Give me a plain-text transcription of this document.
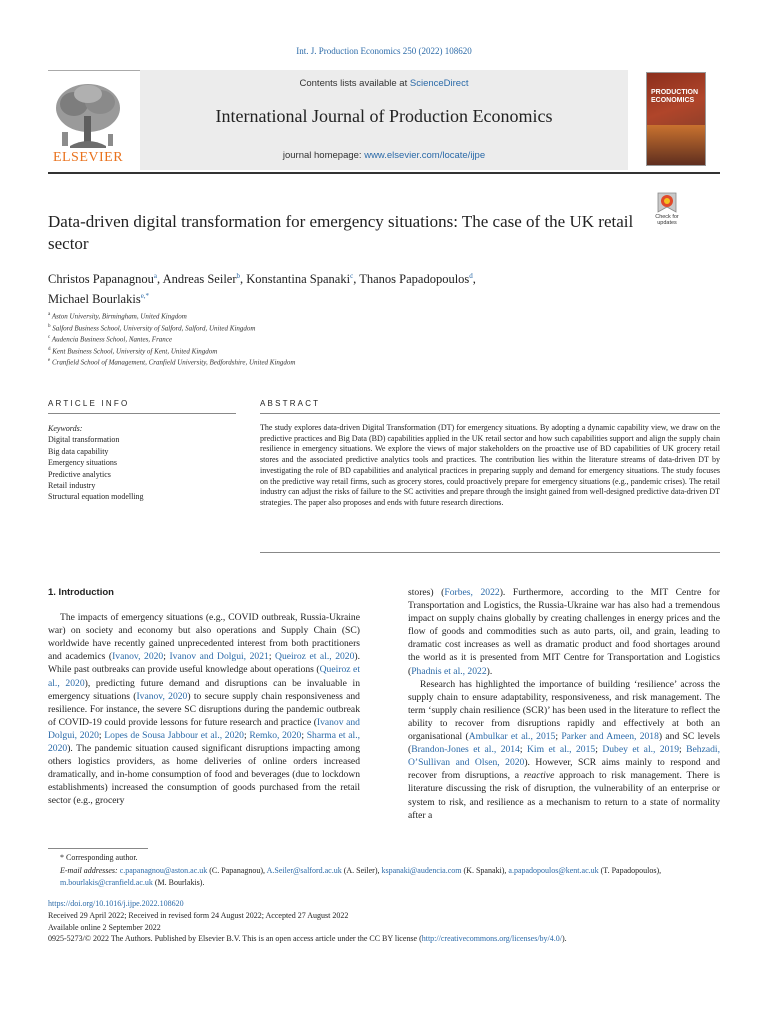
Int. J. Production Economics 250 (2022) 108620
ELSEVIER
Contents lists available at ScienceDirect
International Journal of Production Economics
journal homepage: www.elsevier.com/locate/ijpe
PRODUCTION ECONOMICS
Data-driven digital transformation for emergency situations: The case of the UK retail sector
Check for updates
Christos Papanagnou$^a$, Andreas Seiler$^b$, Konstantina Spanaki$^c$, Thanos Papadopoulos$^d$,
Michael Bourlakis$^{e,*}$
$^a$ Aston University, Birmingham, United Kingdom
$^b$ Salford Business School, University of Salford, Salford, United Kingdom
$^c$ Audencia Business School, Nantes, France
$^d$ Kent Business School, University of Kent, United Kingdom
$^e$ Cranfield School of Management, Cranfield University, Bedfordshire, United Kingdom
ARTICLE INFO	ABSTRACT
Keywords:
Digital transformation
Big data capability
Emergency situations
Predictive analytics
Retail industry
Structural equation modelling
The study explores data-driven Digital Transformation (DT) for emergency situations. By adopting a dynamic capability view, we draw on the predictive practices and Big Data (BD) capabilities applied in the UK retail sector and how such capabilities support and align the supply chain resilience in emergency situations. We explore the views of major stakeholders on the proactive use of BD capabilities of UK grocery retail stores and the associated predictive analytics tools and practices. The contribution lies within the literature streams of data-driven DT by investigating the role of BD capabilities and analytical practices in preparing supply and demand for emergency situations. The study focuses on the predictive way retail firms, such as grocery stores, could proactively prepare for emergency situations (e.g., pandemic crises). The retail industry can adjust the risks of failure to the SC activities and prepare through the insight gained from well-designed predictive data-driven DT strategies. The paper also proposes and ends with future research directions.
1. Introduction

The impacts of emergency situations (e.g., COVID outbreak, Russia-Ukraine war) on society and economy but also operations and Supply Chain (SC) worldwide have recently gained unprecedented interest from both practitioners and academics (Ivanov, 2020; Ivanov and Dolgui, 2021; Queiroz et al., 2020). While past outbreaks can provide useful knowledge about operations (Queiroz et al., 2020), predicting future demand and disruptions can be invaluable in emergency situations (Ivanov, 2020) to secure supply chain responsiveness and resilience. For instance, the severe SC disruptions during the pandemic outbreak of COVID-19 could provide lessons for future research and practice (Ivanov and Dolgui, 2020; Lopes de Sousa Jabbour et al., 2020; Remko, 2020; Sharma et al., 2020). The pandemic situation caused significant disruptions impacting among others logistics providers, as home deliveries of online orders increased dramatically, and in-home consumption of food and beverages (due to lockdown establishments) increased the consumption of goods purchased from the retail sector (e.g., grocery

stores) (Forbes, 2022). Furthermore, according to the MIT Centre for Transportation and Logistics, the Russia-Ukraine war has also had a tremendous impact on supply chains globally by creating challenges in energy prices and the flow of goods and commodities such as auto parts, oil, and grain, leading to dramatic cost increases as well as dramatic product and food shortages around the world as it is presented from MIT Centre for Transportation and Logistics (Phadnis et al., 2022).

Research has highlighted the importance of building ‘resilience’ across the supply chain to ensure adaptability, responsiveness, and risk management. The term ‘supply chain resilience (SCR)’ has been used in the literature to reflect the ability to recover from disruptions rapidly and effectively at both an organisational (Ambulkar et al., 2015; Parker and Ameen, 2018) and SC levels (Brandon-Jones et al., 2014; Kim et al., 2015; Dubey et al., 2019; Behzadi, O’Sullivan and Olsen, 2020). However, SCR aims mainly to respond and recover from disruptions, a reactive approach to risk management. There is literature discussing the risk of disruption, the vulnerability of an enterprise or system to risk, and resilience as a mechanism to return to a state of normality after a

* Corresponding author.
E-mail addresses: c.papanagnou@aston.ac.uk (C. Papanagnou), A.Seiler@salford.ac.uk (A. Seiler), kspanaki@audencia.com (K. Spanaki), a.papadopoulos@kent.ac.uk (T. Papadopoulos), m.bourlakis@cranfield.ac.uk (M. Bourlakis).
https://doi.org/10.1016/j.ijpe.2022.108620
Received 29 April 2022; Received in revised form 24 August 2022; Accepted 27 August 2022
Available online 2 September 2022
0925-5273/© 2022 The Authors. Published by Elsevier B.V. This is an open access article under the CC BY license (http://creativecommons.org/licenses/by/4.0/).
